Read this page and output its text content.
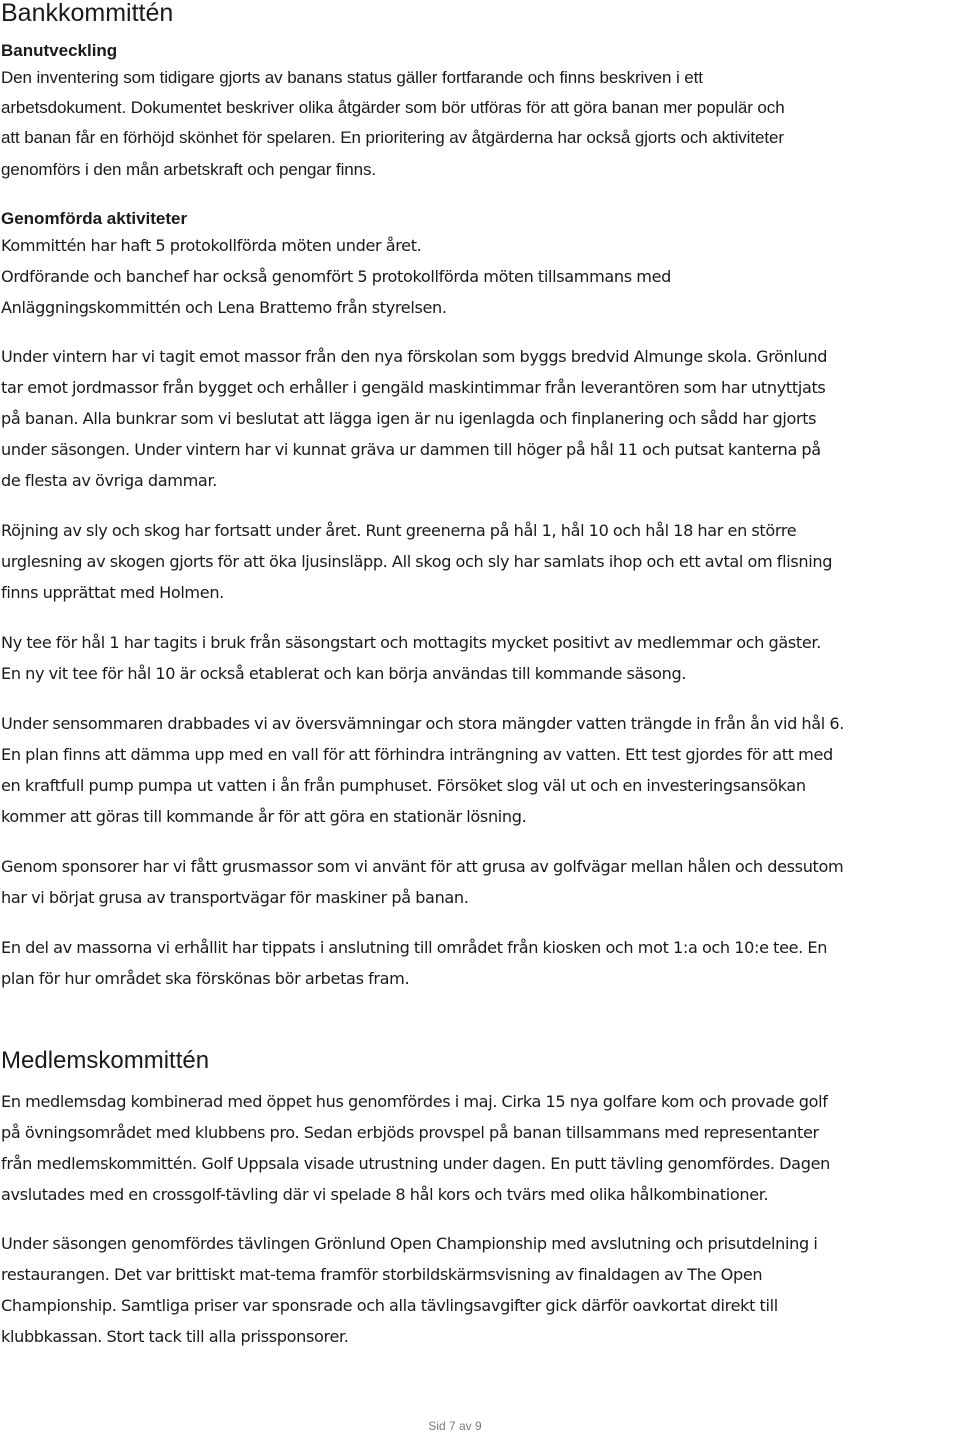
Bankkommittén
Banutveckling
Den inventering som tidigare gjorts av banans status gäller fortfarande och finns beskriven i ett
arbetsdokument. Dokumentet beskriver olika åtgärder som bör utföras för att göra banan mer populär och
att banan får en förhöjd skönhet för spelaren. En prioritering av åtgärderna har också gjorts och aktiviteter
genomförs i den mån arbetskraft och pengar finns.
Genomförda aktiviteter
Kommittén har haft 5 protokollförda möten under året.
Ordförande och banchef har också genomfört 5 protokollförda möten tillsammans med
Anläggningskommittén och Lena Brattemo från styrelsen.
Under vintern har vi tagit emot massor från den nya förskolan som byggs bredvid Almunge skola. Grönlund
tar emot jordmassor från bygget och erhåller i gengäld maskintimmar från leverantören som har utnyttjats
på banan. Alla bunkrar som vi beslutat att lägga igen är nu igenlagda och finplanering och sådd har gjorts
under säsongen. Under vintern har vi kunnat gräva ur dammen till höger på hål 11 och putsat kanterna på
de flesta av övriga dammar.
Röjning av sly och skog har fortsatt under året. Runt greenerna på hål 1, hål 10 och hål 18 har en större
urglesning av skogen gjorts för att öka ljusinsläpp. All skog och sly har samlats ihop och ett avtal om flisning
finns upprättat med Holmen.
Ny tee för hål 1 har tagits i bruk från säsongstart och mottagits mycket positivt av medlemmar och gäster.
En ny vit tee för hål 10 är också etablerat och kan börja användas till kommande säsong.
Under sensommaren drabbades vi av översvämningar och stora mängder vatten trängde in från ån vid hål 6.
En plan finns att dämma upp med en vall för att förhindra inträngning av vatten. Ett test gjordes för att med
en kraftfull pump pumpa ut vatten i ån från pumphuset. Försöket slog väl ut och en investeringsansökan
kommer att göras till kommande år för att göra en stationär lösning.
Genom sponsorer har vi fått grusmassor som vi använt för att grusa av golfvägar mellan hålen och dessutom
har vi börjat grusa av transportvägar för maskiner på banan.
En del av massorna vi erhållit har tippats i anslutning till området från kiosken och mot 1:a och 10:e tee. En
plan för hur området ska förskönas bör arbetas fram.
Medlemskommittén
En medlemsdag kombinerad med öppet hus genomfördes i maj. Cirka 15 nya golfare kom och provade golf
på övningsområdet med klubbens pro. Sedan erbjöds provspel på banan tillsammans med representanter
från medlemskommittén. Golf Uppsala visade utrustning under dagen. En putt tävling genomfördes. Dagen
avslutades med en crossgolf-tävling där vi spelade 8 hål kors och tvärs med olika hålkombinationer.
Under säsongen genomfördes tävlingen Grönlund Open Championship med avslutning och prisutdelning i
restaurangen. Det var brittiskt mat-tema framför storbildskärmsvisning av finaldagen av The Open
Championship. Samtliga priser var sponsrade och alla tävlingsavgifter gick därför oavkortat direkt till
klubbkassan. Stort tack till alla prissponsorer.
Sid 7 av 9
